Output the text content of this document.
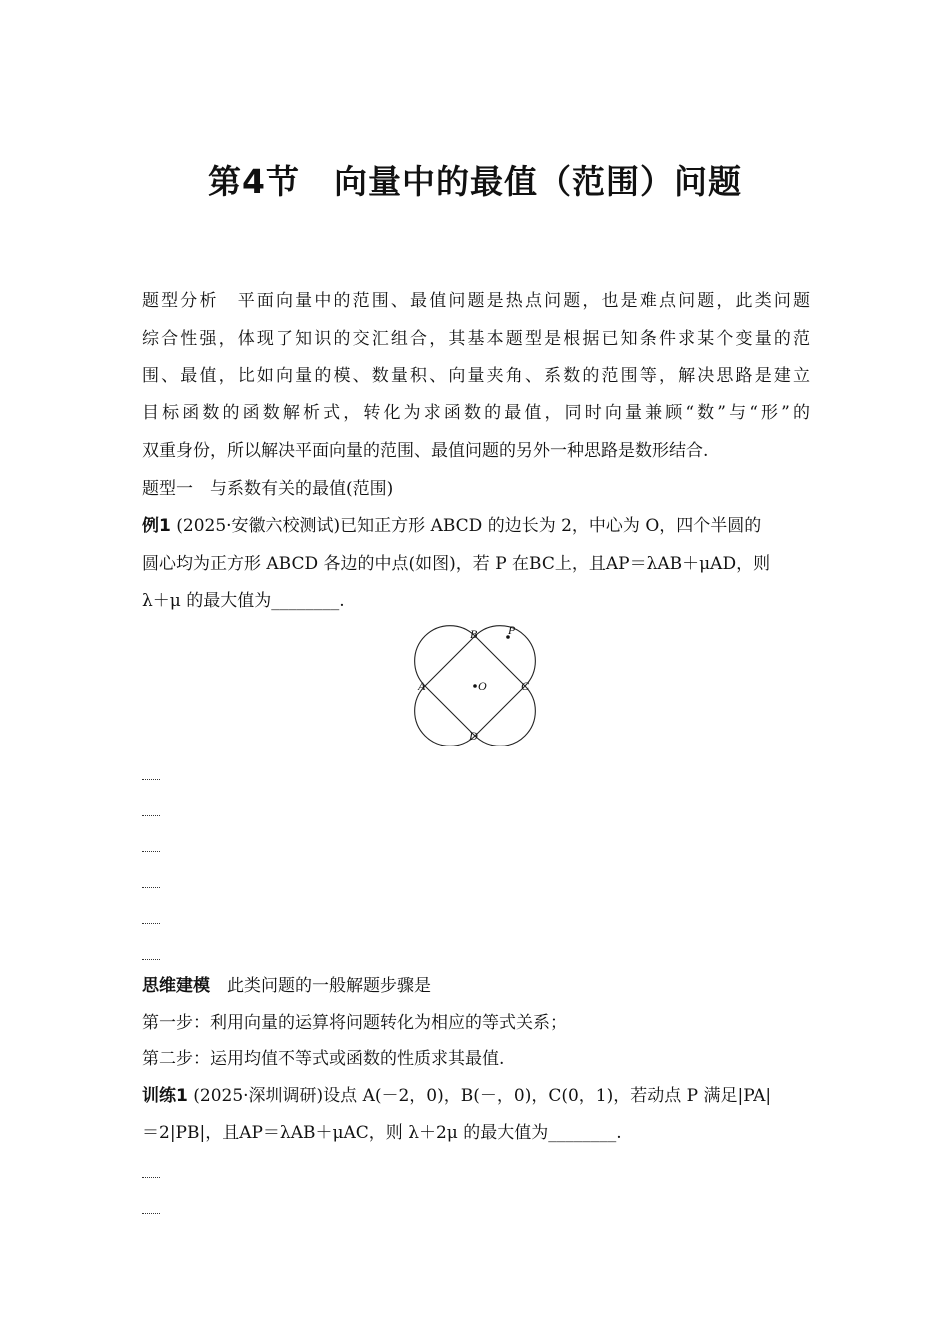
第4节　向量中的最值（范围）问题
题型分析　平面向量中的范围、最值问题是热点问题，也是难点问题，此类问题
综合性强，体现了知识的交汇组合，其基本题型是根据已知条件求某个变量的范
围、最值，比如向量的模、数量积、向量夹角、系数的范围等，解决思路是建立
目标函数的函数解析式，转化为求函数的最值，同时向量兼顾“数”与“形”的
双重身份，所以解决平面向量的范围、最值问题的另外一种思路是数形结合.
题型一　与系数有关的最值(范围)
例1 (2025·安徽六校测试)已知正方形 ABCD 的边长为 2，中心为 O，四个半圆的
圆心均为正方形 ABCD 各边的中点(如图)，若 P 在BC上，且AP＝λAB＋μAD，则
λ＋μ 的最大值为________.
B	P
A	O	C
D
思维建模　此类问题的一般解题步骤是
第一步：利用向量的运算将问题转化为相应的等式关系；
第二步：运用均值不等式或函数的性质求其最值.
训练1 (2025·深圳调研)设点 A(－2，0)，B(－，0)，C(0，1)，若动点 P 满足|PA|
＝2|PB|，且AP＝λAB＋μAC，则 λ＋2μ 的最大值为________.
